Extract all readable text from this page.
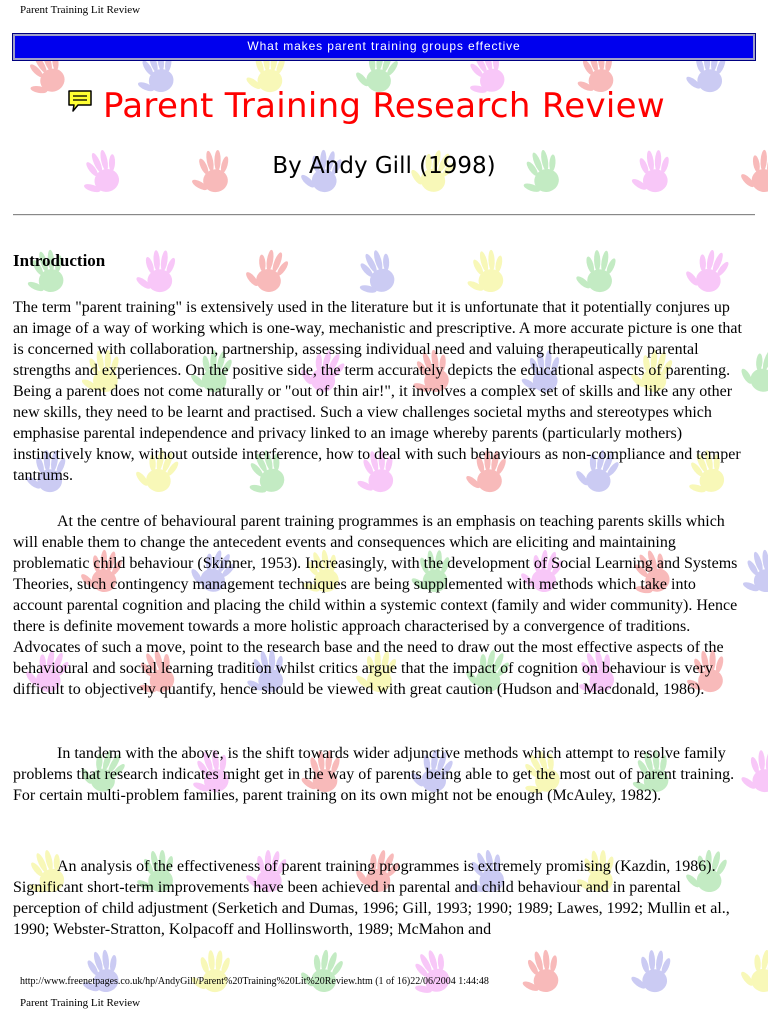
Parent Training Lit Review
What makes parent training groups effective
Parent Training Research Review
By Andy Gill (1998)
Introduction

The term "parent training" is extensively used in the literature but it is unfortunate that it potentially conjures up an image of a way of working which is one-way, mechanistic and prescriptive. A more accurate picture is one that is concerned with collaboration, partnership, assessing individual need and valuing therapeutically parental strengths and experiences. On the positive side, the term accurately depicts the educational aspects of parenting. Being a parent does not come naturally or "out of thin air!", it involves a complex set of skills and like any other new skills, they need to be learnt and practised. Such a view challenges societal myths and stereotypes which emphasise parental independence and privacy linked to an image whereby parents (particularly mothers) instinctively know, without outside interference, how to deal with such behaviours as non-compliance and temper tantrums.

At the centre of behavioural parent training programmes is an emphasis on teaching parents skills which will enable them to change the antecedent events and consequences which are eliciting and maintaining problematic child behaviour (Skinner, 1953). Increasingly, with the development of Social Learning and Systems Theories, such contingency management techniques are being supplemented with methods which take into account parental cognition and placing the child within a systemic context (family and wider community). Hence there is definite movement towards a more holistic approach characterised by a convergence of traditions. Advocates of such a move, point to the research base and the need to draw out the most effective aspects of the behavioural and social learning tradition whilst critics argue that the impact of cognition on behaviour is very difficult to objectively quantify, hence should be viewed with great caution (Hudson and Macdonald, 1986).

In tandem with the above, is the shift towards wider adjunctive methods which attempt to resolve family problems that research indicates might get in the way of parents being able to get the most out of parent training. For certain multi-problem families, parent training on its own might not be enough (McAuley, 1982).

An analysis of the effectiveness of parent training programmes is extremely promising (Kazdin, 1986). Significant short-term improvements have been achieved in parental and child behaviour and in parental perception of child adjustment (Serketich and Dumas, 1996; Gill, 1993; 1990; 1989; Lawes, 1992; Mullin et al., 1990; Webster-Stratton, Kolpacoff and Hollinsworth, 1989; McMahon and

http://www.freenetpages.co.uk/hp/AndyGill/Parent%20Training%20Lit%20Review.htm (1 of 16)22/06/2004 1:44:48
Parent Training Lit Review
